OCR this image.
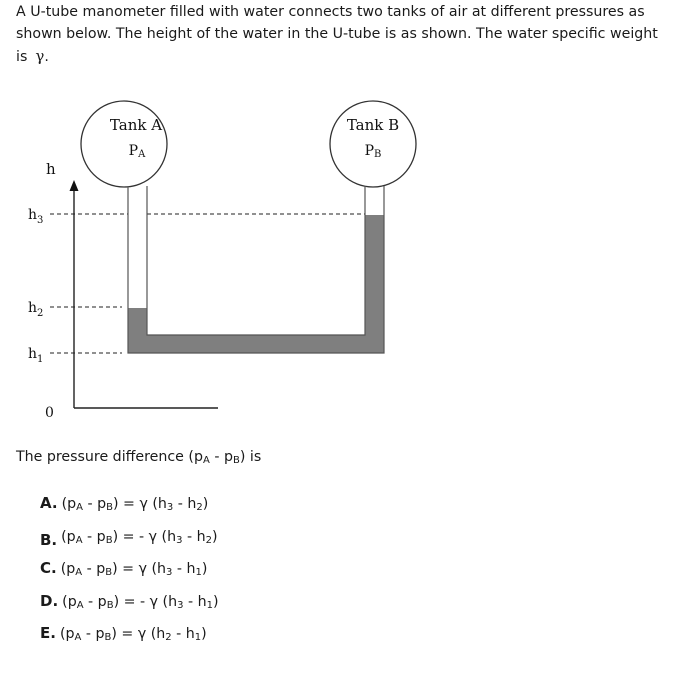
A U-tube manometer filled with water connects two tanks of air at different pressures as shown below. The height of the water in the U-tube is as shown. The water specific weight is γ.

Tank A
PA
Tank B
PB
h
$h_3$
$h_2$
$h_1$
0

The pressure difference $(p_A - p_B)$ is

A. $(p_A - p_B) = \gamma$ $(h_3 - h_2)$
B. $(p_A - p_B)$ = - γ $(h_3 - h_2)$
C. $(p_A - p_B) = \gamma$ $(h_3 - h_1)$
D. $(p_A - p_B)$ = - γ $(h_3 - h_1)$
E. $(p_A - p_B) = \gamma$ $(h_2 - h_1)$
